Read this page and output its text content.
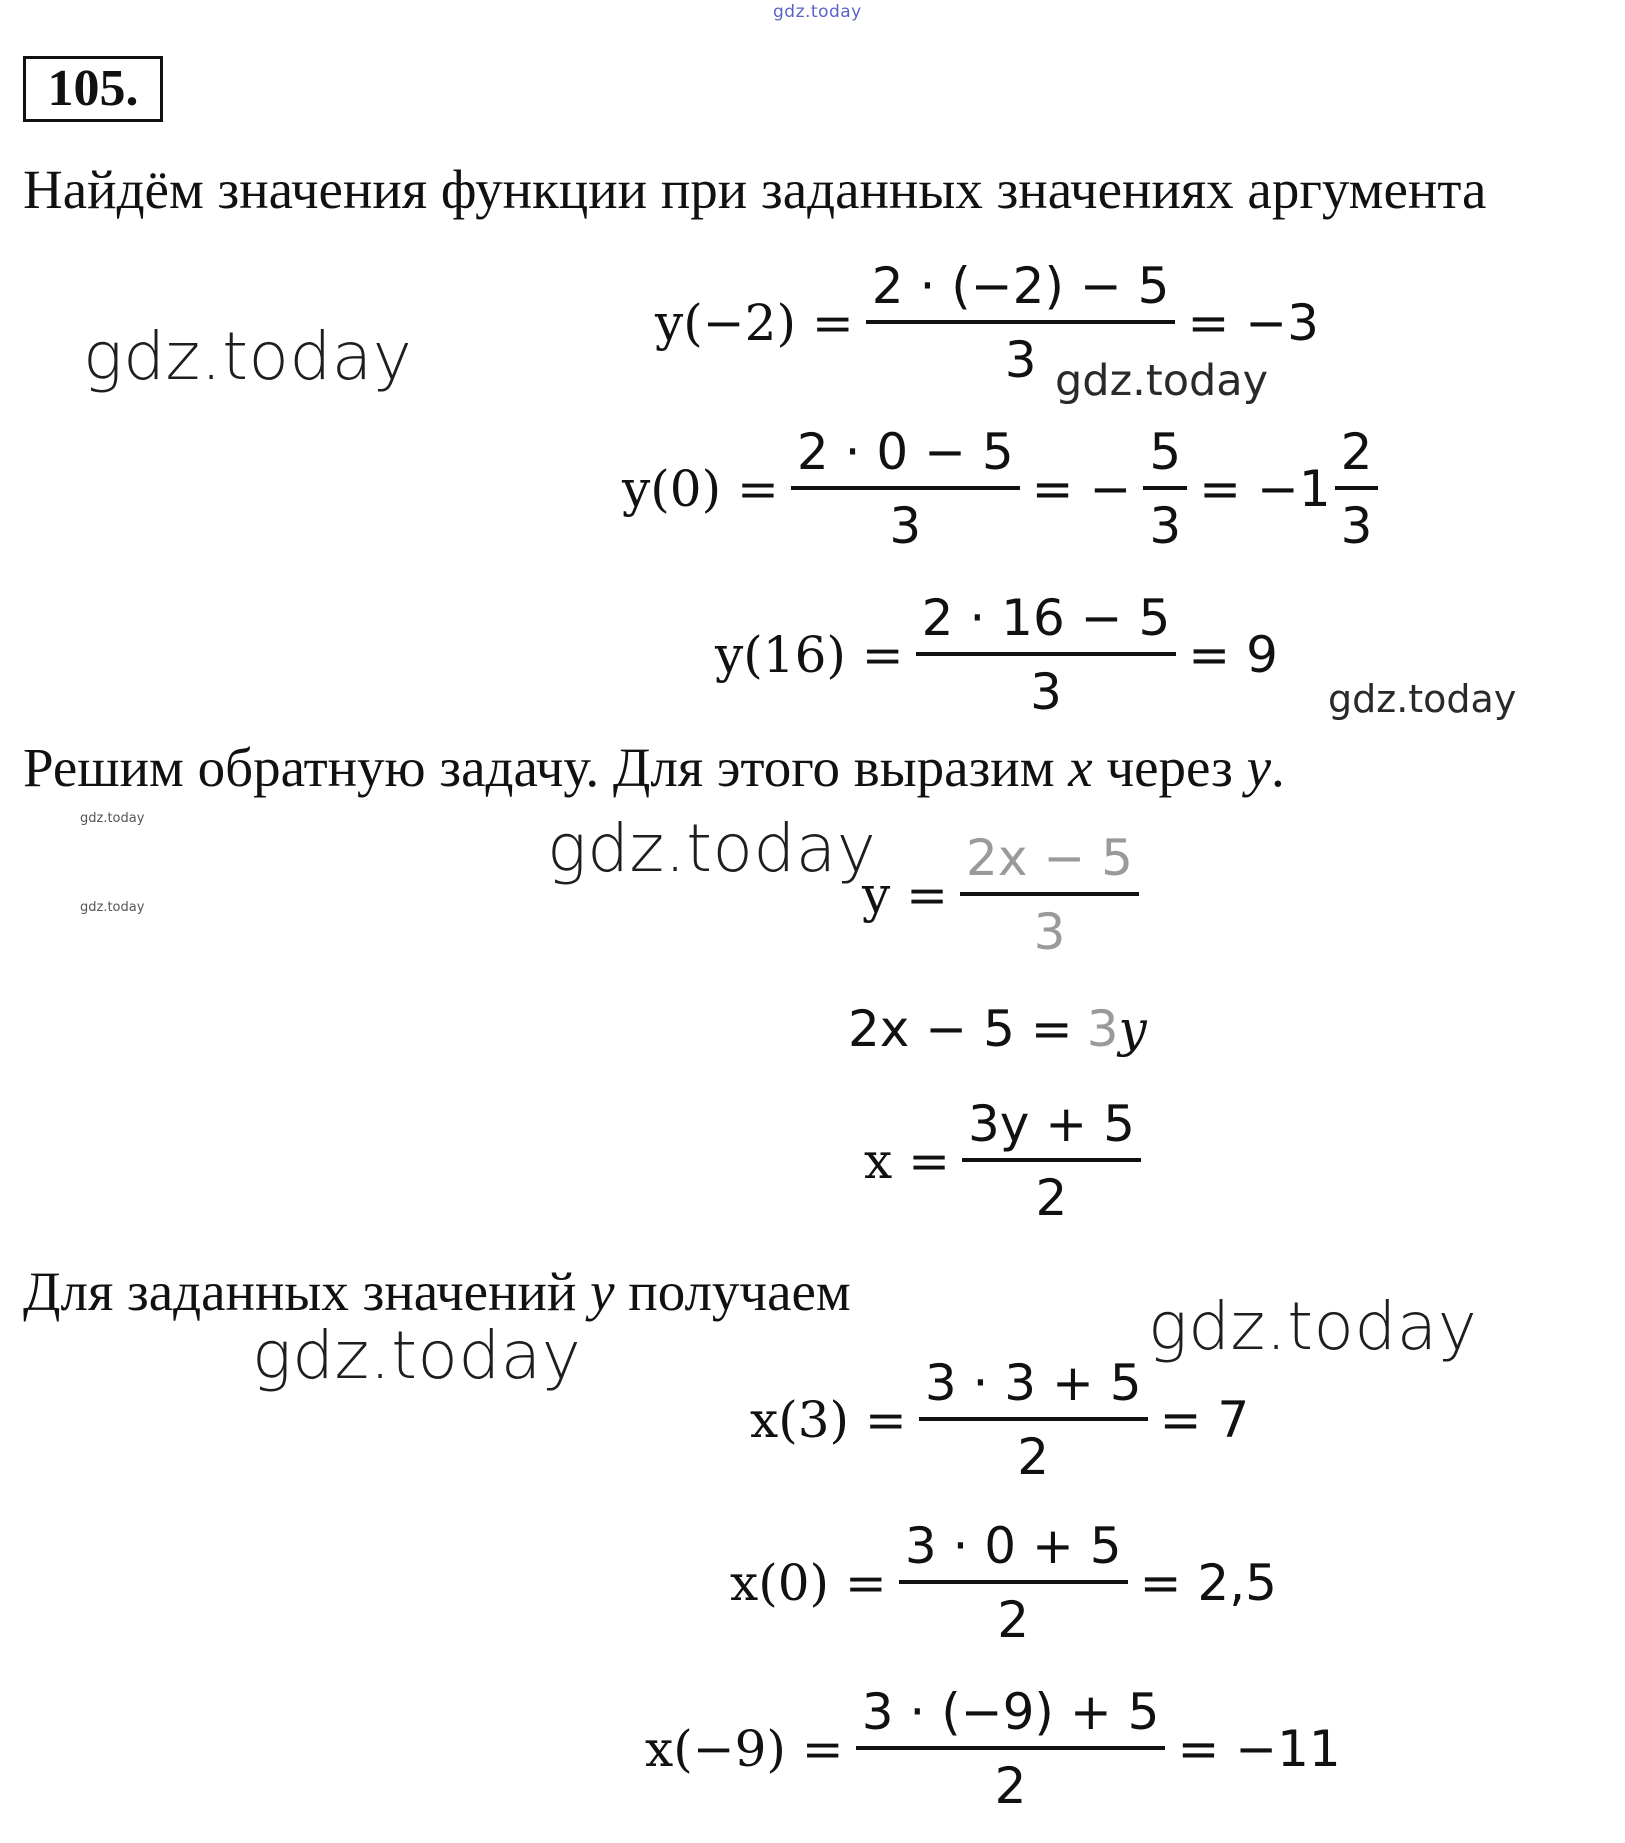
gdz.today
gdz.today	gdz.today
gdz.today
gdz.today
gdz.today
gdz.today
gdz.today
gdz.today
105.
Найдём значения функции при заданных значениях аргумента
$y(-2) = \frac{2 \cdot (-2) - 5}{3} = -3$
$y(0) = \frac{2 \cdot 0 - 5}{3}$ = − $\frac{5}{3} = -1 \frac{2}{3}$
$y(16) = \frac{2 \cdot 16 - 5}{3} = 9$
Решим обратную задачу. Для этого выразим x через y.
$y = \frac{2x - 5}{3}$
2x − 5 = 3 y
$x = \frac{3y + 5}{2}$
Для заданных значений y получаем
$x(3) = \frac{3 \cdot 3 + 5}{2} = 7$
$x(0) = \frac{3 \cdot 0 + 5}{2} = 2,5$
$x(-9) = \frac{3 \cdot (-9) + 5}{2} = -11$
